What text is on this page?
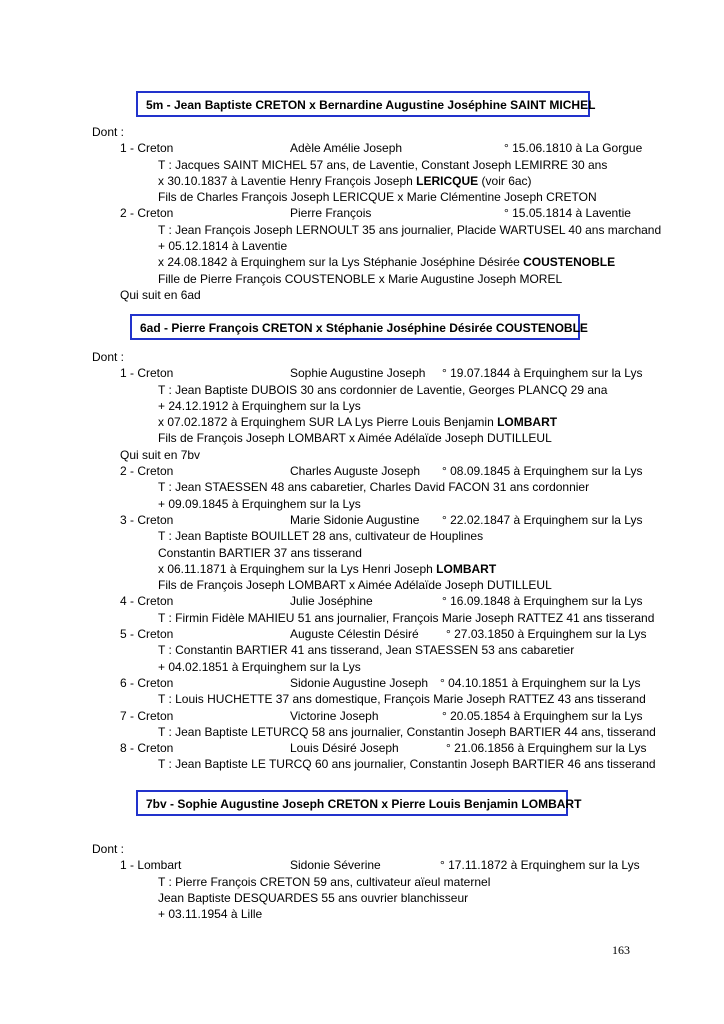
5m - Jean Baptiste CRETON x Bernardine Augustine Joséphine SAINT MICHEL
Dont :
1 - Creton	Adèle Amélie Joseph	° 15.06.1810 à La Gorgue
T : Jacques SAINT MICHEL 57 ans, de Laventie, Constant Joseph LEMIRRE 30 ans
x 30.10.1837 à Laventie Henry François Joseph LERICQUE (voir 6ac)
Fils de Charles François Joseph LERICQUE x Marie Clémentine Joseph CRETON
2 - Creton	Pierre François	° 15.05.1814 à Laventie
T : Jean François Joseph LERNOULT 35 ans journalier, Placide WARTUSEL 40 ans marchand
+ 05.12.1814 à Laventie
x 24.08.1842 à Erquinghem sur la Lys Stéphanie Joséphine Désirée COUSTENOBLE
Fille de Pierre François COUSTENOBLE x Marie Augustine Joseph MOREL
Qui suit en 6ad
6ad - Pierre François CRETON x Stéphanie Joséphine Désirée COUSTENOBLE
Dont :
1 - Creton	Sophie Augustine Joseph ° 19.07.1844 à Erquinghem sur la Lys
T : Jean Baptiste DUBOIS 30 ans cordonnier de Laventie, Georges PLANCQ 29 ana
+ 24.12.1912 à Erquinghem sur la Lys
x 07.02.1872 à Erquinghem SUR LA Lys Pierre Louis Benjamin LOMBART
Fils de François Joseph LOMBART x Aimée Adélaïde Joseph DUTILLEUL
Qui suit en 7bv
2 - Creton	Charles Auguste Joseph ° 08.09.1845 à Erquinghem sur la Lys
T : Jean STAESSEN 48 ans cabaretier, Charles David FACON 31 ans cordonnier
+ 09.09.1845 à Erquinghem sur la Lys
3 - Creton	Marie Sidonie Augustine ° 22.02.1847 à Erquinghem sur la Lys
T : Jean Baptiste BOUILLET 28 ans, cultivateur de Houplines
Constantin BARTIER 37 ans tisserand
x 06.11.1871 à Erquinghem sur la Lys Henri Joseph LOMBART
Fils de François Joseph LOMBART x Aimée Adélaïde Joseph DUTILLEUL
4 - Creton	Julie Joséphine	° 16.09.1848 à Erquinghem sur la Lys
T : Firmin Fidèle MAHIEU 51 ans journalier, François Marie Joseph RATTEZ 41 ans tisserand
5 - Creton	Auguste Célestin Désiré ° 27.03.1850 à Erquinghem sur la Lys
T : Constantin BARTIER 41 ans tisserand, Jean STAESSEN 53 ans cabaretier
+ 04.02.1851 à Erquinghem sur la Lys
6 - Creton	Sidonie Augustine Joseph ° 04.10.1851 à Erquinghem sur la Lys
T : Louis HUCHETTE 37 ans domestique, François Marie Joseph RATTEZ 43 ans tisserand
7 - Creton	Victorine Joseph	° 20.05.1854 à Erquinghem sur la Lys
T : Jean Baptiste LETURCQ 58 ans journalier, Constantin Joseph BARTIER 44 ans, tisserand
8 - Creton	Louis Désiré Joseph	° 21.06.1856 à Erquinghem sur la Lys
T : Jean Baptiste LE TURCQ 60 ans journalier, Constantin Joseph BARTIER 46 ans tisserand
7bv - Sophie Augustine Joseph CRETON x Pierre Louis Benjamin LOMBART
Dont :
1 - Lombart	Sidonie Séverine	° 17.11.1872 à Erquinghem sur la Lys
T : Pierre François CRETON 59 ans, cultivateur aïeul maternel
Jean Baptiste DESQUARDES 55 ans ouvrier blanchisseur
+ 03.11.1954 à Lille
163
